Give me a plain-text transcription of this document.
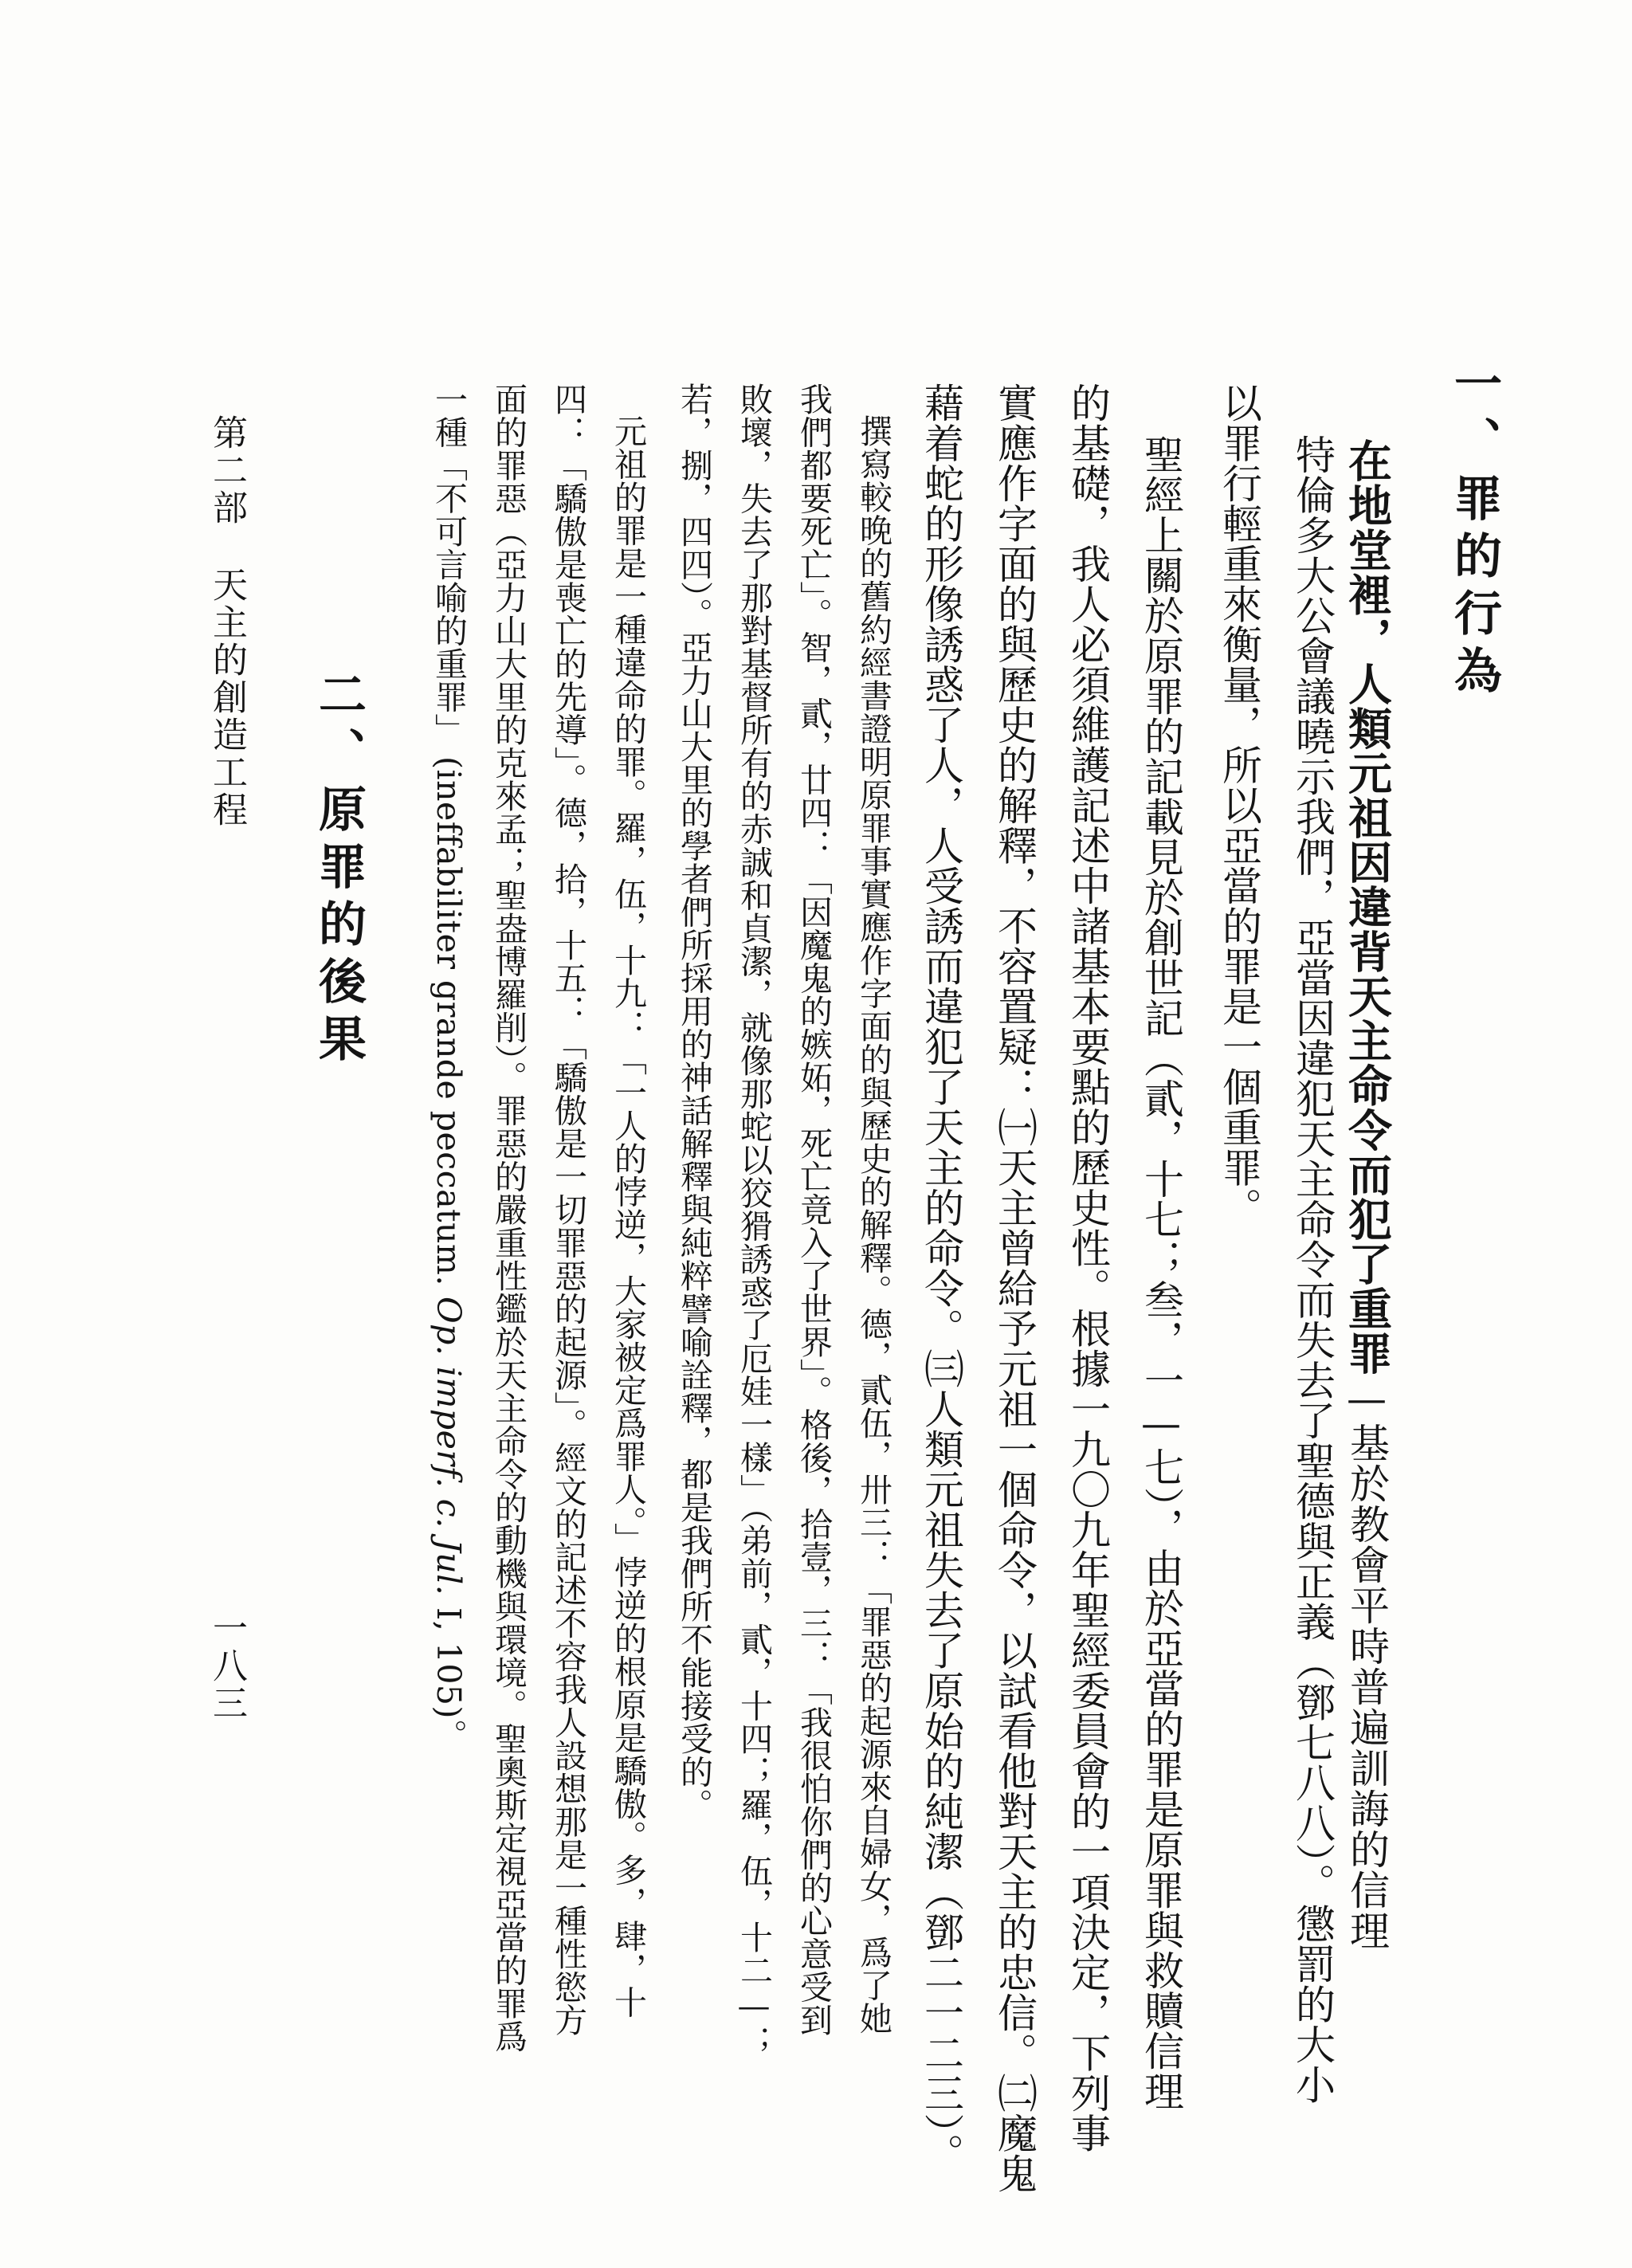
一、罪的行為
在地堂裡，人類元祖因違背天主命令而犯了重罪—基於教會平時普遍訓誨的信理
特倫多大公會議曉示我們，亞當因違犯天主命令而失去了聖德與正義（鄧七八八）。懲罰的大小
以罪行輕重來衡量，所以亞當的罪是一個重罪。
聖經上關於原罪的記載見於創世記（貳，十七；叁，一—七），由於亞當的罪是原罪與救贖信理
的基礎，我人必須維護記述中諸基本要點的歷史性。根據一九〇九年聖經委員會的一項決定，下列事
實應作字面的與歷史的解釋，不容置疑：㈠天主曾給予元祖一個命令，以試看他對天主的忠信。㈡魔鬼
藉着蛇的形像誘惑了人，人受誘而違犯了天主的命令。㈢人類元祖失去了原始的純潔（鄧二一二三）。
撰寫較晚的舊約經書證明原罪事實應作字面的與歷史的解釋。德，貳伍，卅三：「罪惡的起源來自婦女，爲了她
我們都要死亡」。智，貳，廿四：「因魔鬼的嫉妬，死亡竟入了世界」。格後，拾壹，三：「我很怕你們的心意受到
敗壞，失去了那對基督所有的赤誠和貞潔，就像那蛇以狡猾誘惑了厄娃一樣」（弟前，貳，十四；羅，伍，十二—；
若，捌，四四）。亞力山大里的學者們所採用的神話解釋與純粹譬喻詮釋，都是我們所不能接受的。
元祖的罪是一種違命的罪。羅，伍，十九：「一人的悖逆，大家被定爲罪人。」悖逆的根原是驕傲。多，肆，十
四：「驕傲是喪亡的先導」。德，拾，十五：「驕傲是一切罪惡的起源」。經文的記述不容我人設想那是一種性慾方
面的罪惡（亞力山大里的克來孟；聖盎博羅削）。罪惡的嚴重性鑑於天主命令的動機與環境。聖奧斯定視亞當的罪爲
一種「不可言喻的重罪」(ineffabiliter grande peccatum.Op. imperf. c. Jul.I, 105)。
二、原罪的後果
第二部天主的創造工程
一八三
